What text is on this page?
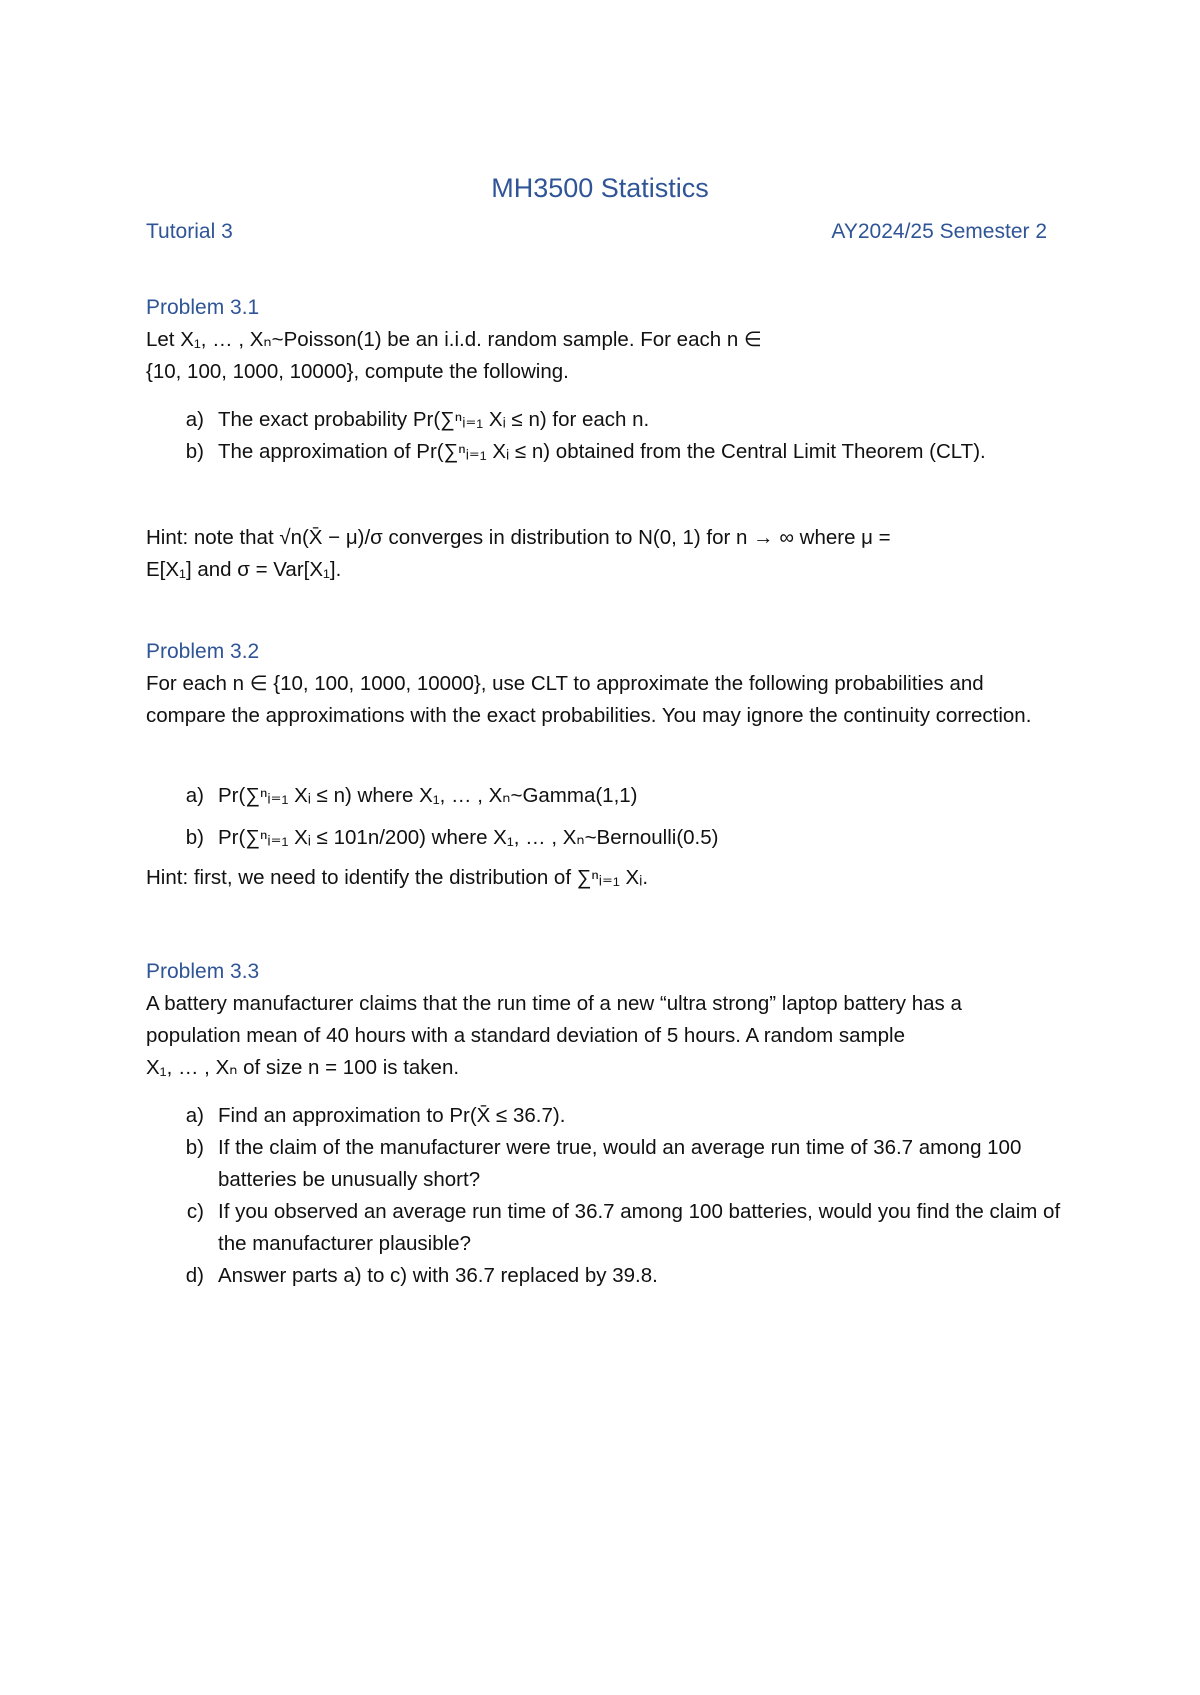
MH3500 Statistics
Tutorial 3	AY2024/25 Semester 2
Problem 3.1

Let X₁, … , Xₙ~Poisson(1) be an i.i.d. random sample. For each n ∈

{10, 100, 1000, 10000}, compute the following.

a) The exact probability Pr(∑ⁿᵢ₌₁ Xᵢ ≤ n) for each n.
b) The approximation of Pr(∑ⁿᵢ₌₁ Xᵢ ≤ n) obtained from the Central Limit Theorem (CLT).

Hint: note that √n(X̄ − μ)/σ converges in distribution to N(0, 1) for n → ∞ where μ =

E[X₁] and σ = Var[X₁].

Problem 3.2

For each n ∈ {10, 100, 1000, 10000}, use CLT to approximate the following probabilities and compare the approximations with the exact probabilities. You may ignore the continuity correction.

a) Pr(∑ⁿᵢ₌₁ Xᵢ ≤ n) where X₁, … , Xₙ~Gamma(1,1)
b) Pr(∑ⁿᵢ₌₁ Xᵢ ≤ 101n/200) where X₁, … , Xₙ~Bernoulli(0.5)

Hint: first, we need to identify the distribution of ∑ⁿᵢ₌₁ Xᵢ.

Problem 3.3

A battery manufacturer claims that the run time of a new “ultra strong” laptop battery has a

population mean of 40 hours with a standard deviation of 5 hours. A random sample

X₁, … , Xₙ of size n = 100 is taken.

a) Find an approximation to Pr(X̄ ≤ 36.7).
b) If the claim of the manufacturer were true, would an average run time of 36.7 among 100 batteries be unusually short?
c) If you observed an average run time of 36.7 among 100 batteries, would you find the claim of the manufacturer plausible?
d) Answer parts a) to c) with 36.7 replaced by 39.8.
